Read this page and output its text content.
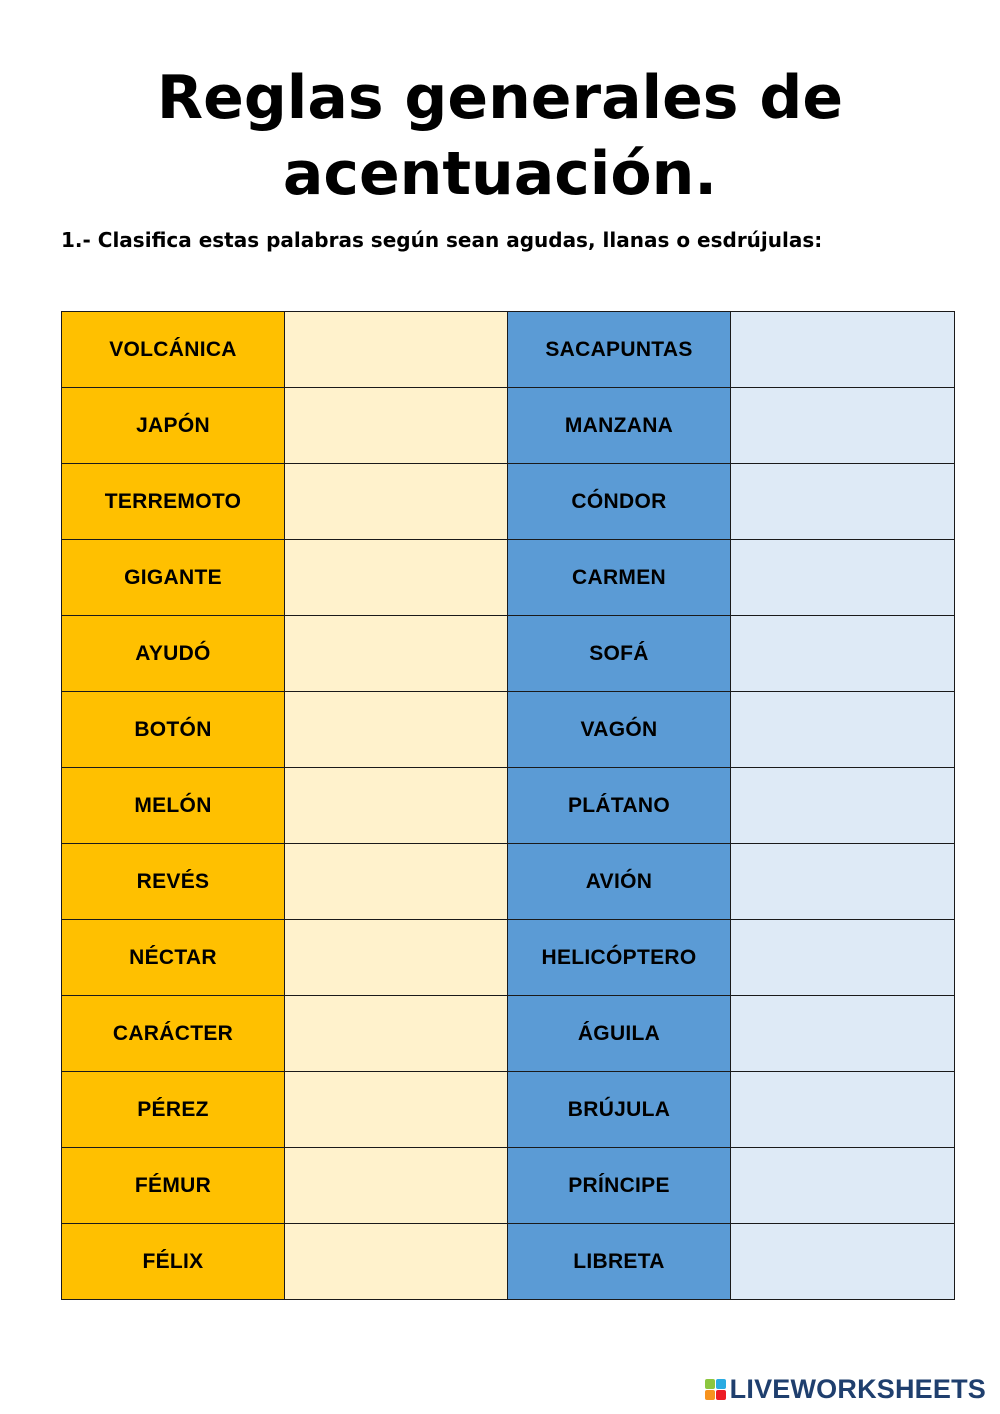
Reglas generales de
acentuación.

1.- Clasifica estas palabras según sean agudas, llanas o esdrújulas:

VOLCÁNICA		SACAPUNTAS	
JAPÓN		MANZANA	
TERREMOTO		CÓNDOR	
GIGANTE		CARMEN	
AYUDÓ		SOFÁ	
BOTÓN		VAGÓN	
MELÓN		PLÁTANO	
REVÉS		AVIÓN	
NÉCTAR		HELICÓPTERO	
CARÁCTER		ÁGUILA	
PÉREZ		BRÚJULA	
FÉMUR		PRÍNCIPE	
FÉLIX		LIBRETA	
LIVEWORKSHEETS
